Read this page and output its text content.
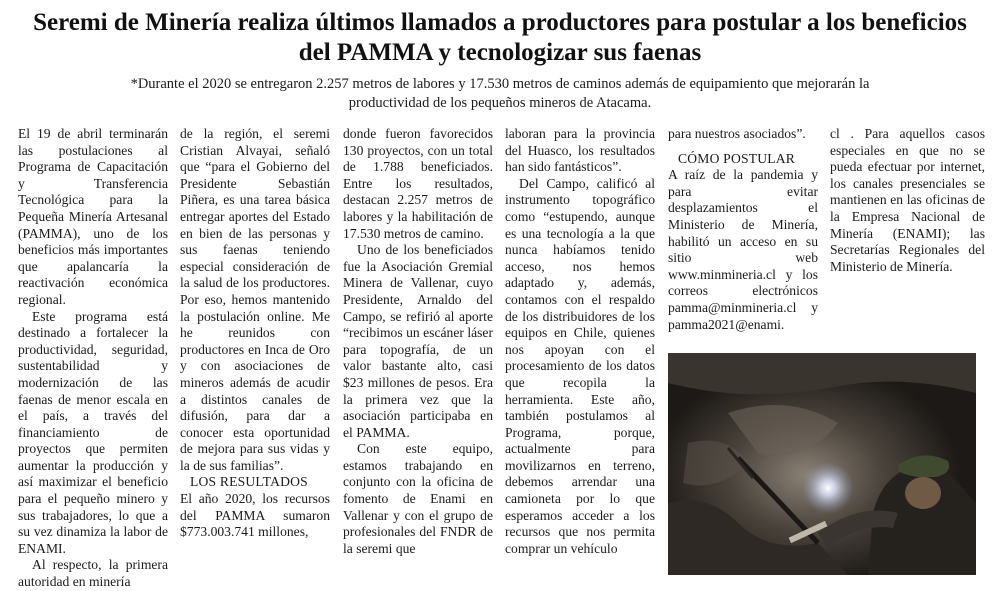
Seremi de Minería realiza últimos llamados a productores para postular a los beneficios del PAMMA y tecnologizar sus faenas

*Durante el 2020 se entregaron 2.257 metros de labores y 17.530 metros de caminos además de equipamiento que mejorarán la productividad de los pequeños mineros de Atacama.

El 19 de abril terminarán las postulaciones al Programa de Capacitación y Transferencia Tecnológica para la Pequeña Minería Artesanal (PAMMA), uno de los beneficios más importantes que apalancaría la reactivación económica regional.

Este programa está destinado a fortalecer la productividad, seguridad, sustentabilidad y modernización de las faenas de menor escala en el país, a través del financiamiento de proyectos que permiten aumentar la producción y así maximizar el beneficio para el pequeño minero y sus trabajadores, lo que a su vez dinamiza la labor de ENAMI.

Al respecto, la primera autoridad en minería

de la región, el seremi Cristian Alvayai, señaló que “para el Gobierno del Presidente Sebastián Piñera, es una tarea básica entregar aportes del Estado en bien de las personas y sus faenas teniendo especial consideración de la salud de los productores. Por eso, hemos mantenido la postulación online. Me he reunidos con productores en Inca de Oro y con asociaciones de mineros además de acudir a distintos canales de difusión, para dar a conocer esta oportunidad de mejora para sus vidas y la de sus familias”.

LOS RESULTADOS

El año 2020, los recursos del PAMMA sumaron $773.003.741 millones,

donde fueron favorecidos 130 proyectos, con un total de 1.788 beneficiados. Entre los resultados, destacan 2.257 metros de labores y la habilitación de 17.530 metros de camino.

Uno de los beneficiados fue la Asociación Gremial Minera de Vallenar, cuyo Presidente, Arnaldo del Campo, se refirió al aporte “recibimos un escáner láser para topografía, de un valor bastante alto, casi $23 millones de pesos. Era la primera vez que la asociación participaba en el PAMMA.

Con este equipo, estamos trabajando en conjunto con la oficina de fomento de Enami en Vallenar y con el grupo de profesionales del FNDR de la seremi que

laboran para la provincia del Huasco, los resultados han sido fantásticos”.

Del Campo, calificó al instrumento topográfico como “estupendo, aunque es una tecnología a la que nunca habíamos tenido acceso, nos hemos adaptado y, además, contamos con el respaldo de los distribuidores de los equipos en Chile, quienes nos apoyan con el procesamiento de los datos que recopila la herramienta. Este año, también postulamos al Programa, porque, actualmente para movilizarnos en terreno, debemos arrendar una camioneta por lo que esperamos acceder a los recursos que nos permita comprar un vehículo

para nuestros asociados”.

CÓMO POSTULAR

A raíz de la pandemia y para evitar desplazamientos el Ministerio de Minería, habilitó un acceso en su sitio web www.minmineria.cl y los correos electrónicos pamma@minmineria.cl y pamma2021@enami.

cl . Para aquellos casos especiales en que no se pueda efectuar por internet, los canales presenciales se mantienen en las oficinas de la Empresa Nacional de Minería (ENAMI); las Secretarías Regionales del Ministerio de Minería.
